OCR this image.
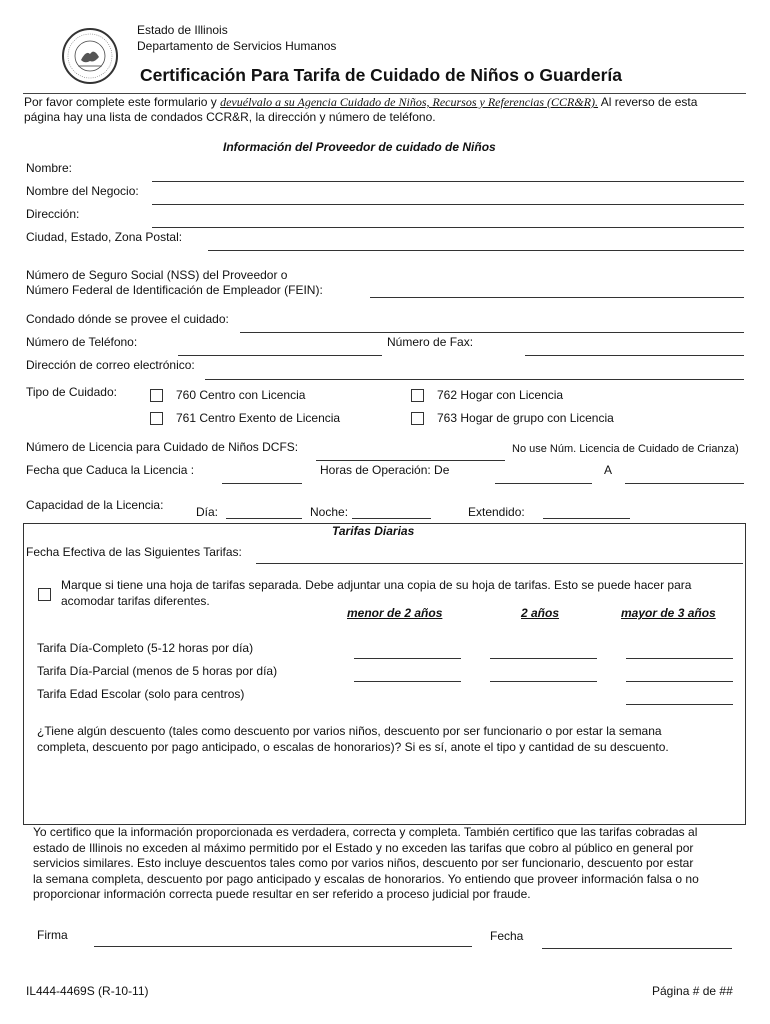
Estado de Illinois
Departamento de Servicios Humanos
Certificación Para Tarifa de Cuidado de Niños o Guardería
Por favor complete este formulario y devuélvalo a su Agencia Cuidado de Niños, Recursos y Referencias (CCR&R). Al reverso de esta
página hay una lista de condados CCR&R, la dirección y número de teléfono.
Información del Proveedor de cuidado de Niños
Nombre:
Nombre del Negocio:
Dirección:
Ciudad, Estado, Zona Postal:
Número de Seguro Social (NSS) del Proveedor o
Número Federal de Identificación de Empleador (FEIN):
Condado dónde se provee el cuidado:
Número de Teléfono:	Número de Fax:
Dirección de correo electrónico:
Tipo de Cuidado:	760 Centro con Licencia	762 Hogar con Licencia
761 Centro Exento de Licencia	763 Hogar de grupo con Licencia
Número de Licencia para Cuidado de Niños DCFS:	No use Núm. Licencia de Cuidado de Crianza)
Fecha que Caduca la Licencia :	Horas de Operación: De	A
Capacidad de la Licencia:	Día:	Noche:	Extendido:
Tarifas Diarias
Fecha Efectiva de las Siguientes Tarifas:
Marque si tiene una hoja de tarifas separada. Debe adjuntar una copia de su hoja de tarifas. Esto se puede hacer para
acomodar tarifas diferentes.
menor de 2 años	2 años	mayor de 3 años
Tarifa Día-Completo (5-12 horas por día)
Tarifa Día-Parcial (menos de 5 horas por día)
Tarifa Edad Escolar (solo para centros)
¿Tiene algún descuento (tales como descuento por varios niños, descuento por ser funcionario o por estar la semana
completa, descuento por pago anticipado, o escalas de honorarios)? Si es sí, anote el tipo y cantidad de su descuento.
Yo certifico que la información proporcionada es verdadera, correcta y completa. También certifico que las tarifas cobradas al
estado de Illinois no exceden al máximo permitido por el Estado y no exceden las tarifas que cobro al público en general por
servicios similares. Esto incluye descuentos tales como por varios niños, descuento por ser funcionario, descuento por estar
la semana completa, descuento por pago anticipado y escalas de honorarios. Yo entiendo que proveer información falsa o no
proporcionar información correcta puede resultar en ser referido a proceso judicial por fraude.
Firma	Fecha
IL444-4469S (R-10-11)	Página # de ##
